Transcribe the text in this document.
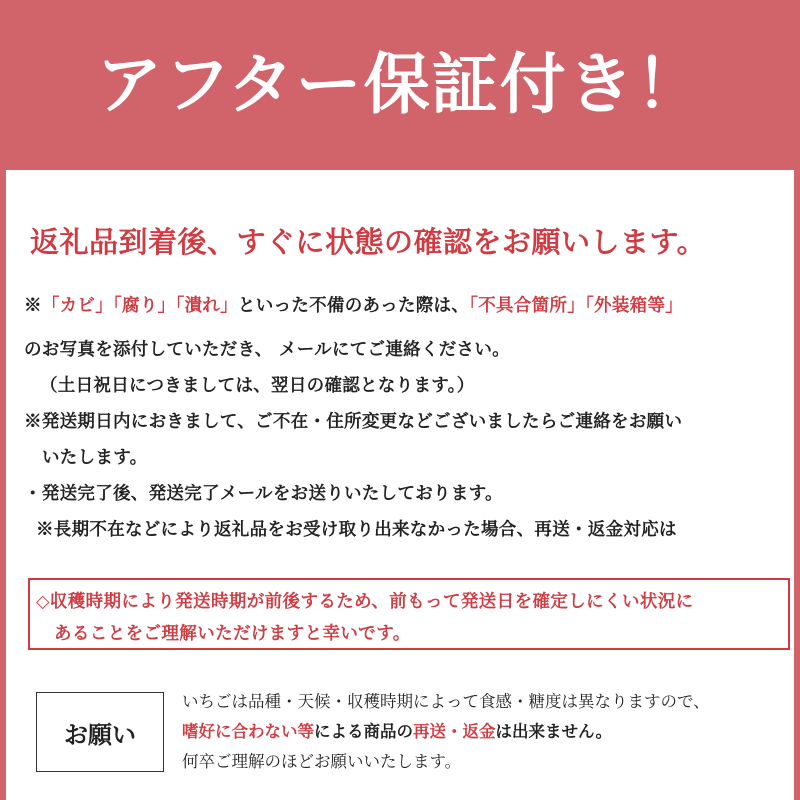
アフター保証付き！
返礼品到着後、すぐに状態の確認をお願いします。
※「カビ」「腐り」「潰れ」といった不備のあった際は、「不具合箇所」「外装箱等」
のお写真を添付していただき、 メールにてご連絡ください。
（土日祝日につきましては、翌日の確認となります。）
※発送期日内におきまして、ご不在・住所変更などございましたらご連絡をお願い
いたします。
・発送完了後、発送完了メールをお送りいたしております。
※長期不在などにより返礼品をお受け取り出来なかった場合、再送・返金対応は
◇収穫時期により発送時期が前後するため、前もって発送日を確定しにくい状況に
あることをご理解いただけますと幸いです。
お願い
いちごは品種・天候・収穫時期によって食感・糖度は異なりますので、
嗜好に合わない等による商品の再送・返金は出来ません。
何卒ご理解のほどお願いいたします。
